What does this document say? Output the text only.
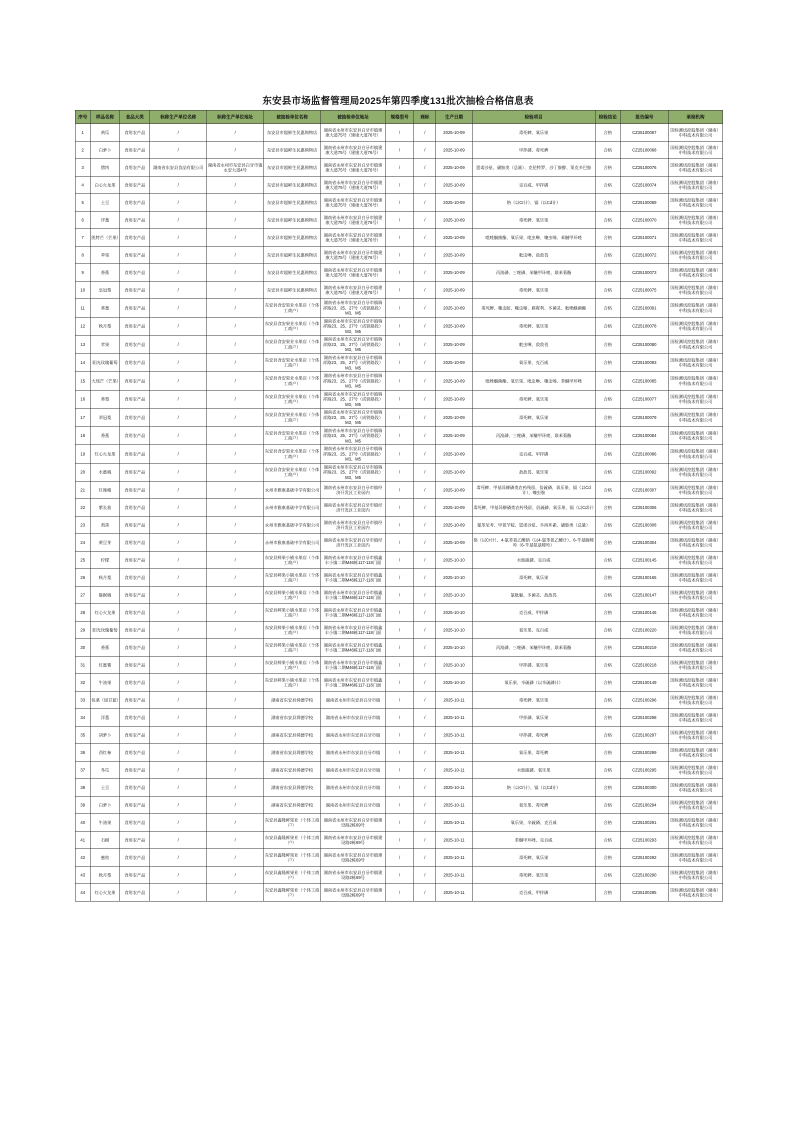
东安县市场监督管理局2025年第四季度131批次抽检合格信息表
序号	样品名称	食品大类	标称生产单位名称	标称生产单位地址	被抽检单位名称	被抽检单位地址	规格型号	商标	生产日期	检验项目	检验结论	报告编号	承检机构
1	黄瓜	食用农产品	/	/	东安县市超鲜生民惠购物店	湖南省永州市东安县白牙市镇建康大道75号（建康大道76号）	/	/	2025-10-09	毒死蜱、氧乐果	合格	CZ25100067	国检测试控股集团（湖南）中科技术有限公司
2	白萝卜	食用农产品	/	/	东安县市超鲜生民惠购物店	湖南省永州市东安县白牙市镇建康大道75号（建康大道76号）	/	/	2025-10-09	甲拌磷、毒死蜱	合格	CZ25100068	国检测试控股集团（湖南）中科技术有限公司
3	猪肉	食用农产品	湖南省东安县食品有限公司	湖南省永州市东安县白牙市镇永安大道4号	东安县市超鲜生民惠购物店	湖南省永州市东安县白牙市镇建康大道75号（建康大道76号）	/	/	2025-10-09	恩诺沙星、磺胺类（总量）、克伦特罗、沙丁胺醇、莱克多巴胺	合格	CZ25100076	国检测试控股集团（湖南）中科技术有限公司
4	白心火龙果	食用农产品	/	/	东安县市超鲜生民惠购物店	湖南省永州市东安县白牙市镇建康大道75号（建康大道76号）	/	/	2025-10-09	克百威、甲拌磷	合格	CZ25100074	国检测试控股集团（湖南）中科技术有限公司
5	土豆	食用农产品	/	/	东安县市超鲜生民惠购物店	湖南省永州市东安县白牙市镇建康大道75号（建康大道76号）	/	/	2025-10-09	铬（以Cr计）、镉（以Cd计）	合格	CZ25100069	国检测试控股集团（湖南）中科技术有限公司
6	洋葱	食用农产品	/	/	东安县市超鲜生民惠购物店	湖南省永州市东安县白牙市镇建康大道75号（建康大道76号）	/	/	2025-10-09	毒死蜱、氧乐果	合格	CZ25100070	国检测试控股集团（湖南）中科技术有限公司
7	凯特芒（芒果）	食用农产品	/	/	东安县市超鲜生民惠购物店	湖南省永州市东安县白牙市镇建康大道75号（建康大道76号）	/	/	2025-10-09	吡唑醚菌酯、氧乐果、吡虫啉、噻虫嗪、苯醚甲环唑	合格	CZ25100071	国检测试控股集团（湖南）中科技术有限公司
8	苹果	食用农产品	/	/	东安县市超鲜生民惠购物店	湖南省永州市东安县白牙市镇建康大道75号（建康大道76号）	/	/	2025-10-09	吡虫啉、敌敌畏	合格	CZ25100072	国检测试控股集团（湖南）中科技术有限公司
9	香蕉	食用农产品	/	/	东安县市超鲜生民惠购物店	湖南省永州市东安县白牙市镇建康大道75号（建康大道76号）	/	/	2025-10-09	丙溴磷、三唑磷、苯醚甲环唑、联苯菊酯	合格	CZ25100073	国检测试控股集团（湖南）中科技术有限公司
10	皇冠梨	食用农产品	/	/	东安县市超鲜生民惠购物店	湖南省永州市东安县白牙市镇建康大道75号（建康大道76号）	/	/	2025-10-09	毒死蜱、氧乐果	合格	CZ25100075	国检测试控股集团（湖南）中科技术有限公司
11	香葱	食用农产品	/	/	东安县食安果业水果店（个体工商户）	湖南省永州市东安县白牙市镇瑞祥路23、25、27号（成铁路段）M3、M5	/	/	2025-10-09	毒死蜱、噻虫胺、噻虫嗪、腐霉利、多菌灵、吡唑醚菌酯	合格	CZ25100091	国检测试控股集团（湖南）中科技术有限公司
12	秋月梨	食用农产品	/	/	东安县食安果业水果店（个体工商户）	湖南省永州市东安县白牙市镇瑞祥路23、25、27号（成铁路段）M3、M5	/	/	2025-10-09	毒死蜱、氧乐果	合格	CZ25100078	国检测试控股集团（湖南）中科技术有限公司
13	苹果	食用农产品	/	/	东安县食安果业水果店（个体工商户）	湖南省永州市东安县白牙市镇瑞祥路23、25、27号（成铁路段）M3、M5	/	/	2025-10-09	吡虫啉、敌敌畏	合格	CZ25100080	国检测试控股集团（湖南）中科技术有限公司
14	阳光玫瑰葡萄	食用农产品	/	/	东安县食安果业水果店（个体工商户）	湖南省永州市东安县白牙市镇瑞祥路23、25、27号（成铁路段）M3、M5	/	/	2025-10-09	氧乐果、克百威	合格	CZ25100093	国检测试控股集团（湖南）中科技术有限公司
15	大瑶芒（芒果）	食用农产品	/	/	东安县食安果业水果店（个体工商户）	湖南省永州市东安县白牙市镇瑞祥路23、25、27号（成铁路段）M3、M5	/	/	2025-10-09	吡唑醚菌酯、氧乐果、吡虫啉、噻虫嗪、苯醚甲环唑	合格	CZ25100085	国检测试控股集团（湖南）中科技术有限公司
16	香梨	食用农产品	/	/	东安县食安果业水果店（个体工商户）	湖南省永州市东安县白牙市镇瑞祥路23、25、27号（成铁路段）M3、M5	/	/	2025-10-09	毒死蜱、氧乐果	合格	CZ25100077	国检测试控股集团（湖南）中科技术有限公司
17	翠冠梨	食用农产品	/	/	东安县食安果业水果店（个体工商户）	湖南省永州市东安县白牙市镇瑞祥路23、25、27号（成铁路段）M3、M5	/	/	2025-10-09	毒死蜱、氧乐果	合格	CZ25100079	国检测试控股集团（湖南）中科技术有限公司
18	香蕉	食用农产品	/	/	东安县食安果业水果店（个体工商户）	湖南省永州市东安县白牙市镇瑞祥路23、25、27号（成铁路段）M3、M5	/	/	2025-10-09	丙溴磷、三唑磷、苯醚甲环唑、联苯菊酯	合格	CZ25100084	国检测试控股集团（湖南）中科技术有限公司
19	红心火龙果	食用农产品	/	/	东安县食安果业水果店（个体工商户）	湖南省永州市东安县白牙市镇瑞祥路23、25、27号（成铁路段）M3、M5	/	/	2025-10-09	克百威、甲拌磷	合格	CZ25100086	国检测试控股集团（湖南）中科技术有限公司
20	水蜜桃	食用农产品	/	/	东安县食安果业水果店（个体工商户）	湖南省永州市东安县白牙市镇瑞祥路23、25、27号（成铁路段）M3、M5	/	/	2025-10-09	敌敌畏、氧乐果	合格	CZ25100092	国检测试控股集团（湖南）中科技术有限公司
21	红辣椒	食用农产品	/	/	永州市雅康基础中学有限公司	湖南省永州市东安县白牙市镇经济开发区工业园内	/	/	2025-10-09	毒死蜱、甲基异柳磷类农药残留、倍硫磷、氧乐果、镉（以Cd计）、噻虫胺	合格	CZ25100307	国检测试控股集团（湖南）中科技术有限公司
22	紫长茄	食用农产品	/	/	永州市雅康基础中学有限公司	湖南省永州市东安县白牙市镇经济开发区工业园内	/	/	2025-10-09	毒死蜱、甲基异柳磷类农药残留、倍硫磷、氧乐果、镉（以Cd计）	合格	CZ25100306	国检测试控股集团（湖南）中科技术有限公司
23	鸡蛋	食用农产品	/	/	永州市雅康基础中学有限公司	湖南省永州市东安县白牙市镇经济开发区工业园内	/	/	2025-10-09	氟苯尼考、甲氧苄啶、恩诺沙星、多西环素、磺胺类（总量）	合格	CZ25100308	国检测试控股集团（湖南）中科技术有限公司
24	黄豆芽	食用农产品	/	/	永州市雅康基础中学有限公司	湖南省永州市东安县白牙市镇经济开发区工业园内	/	/	2025-10-09	铬（以Cr计）、4-氯苯氧乙酸钠（以4-氯苯氧乙酸计）、6-苄基腺嘌呤（6-苄基氨基嘌呤）	合格	CZ25100304	国检测试控股集团（湖南）中科技术有限公司
25	柠檬	食用农产品	/	/	东安县鲜果小铺水果店（个体工商户）	湖南省永州市东安县白牙市镇鑫丰小镇二期M46栋117-118门面	/	/	2025-10-10	水胺硫磷、克百威	合格	CZ25100145	国检测试控股集团（湖南）中科技术有限公司
26	秋月梨	食用农产品	/	/	东安县鲜果小铺水果店（个体工商户）	湖南省永州市东安县白牙市镇鑫丰小镇二期M46栋117-118门面	/	/	2025-10-10	毒死蜱、氧乐果	合格	CZ25100165	国检测试控股集团（湖南）中科技术有限公司
27	猕猴桃	食用农产品	/	/	东安县鲜果小铺水果店（个体工商户）	湖南省永州市东安县白牙市镇鑫丰小镇二期M46栋117-118门面	/	/	2025-10-10	氯吡脲、多菌灵、敌敌畏	合格	CZ25100147	国检测试控股集团（湖南）中科技术有限公司
28	红心火龙果	食用农产品	/	/	东安县鲜果小铺水果店（个体工商户）	湖南省永州市东安县白牙市镇鑫丰小镇二期M46栋117-118门面	/	/	2025-10-10	克百威、甲拌磷	合格	CZ25100146	国检测试控股集团（湖南）中科技术有限公司
29	阳光玫瑰葡萄	食用农产品	/	/	东安县鲜果小铺水果店（个体工商户）	湖南省永州市东安县白牙市镇鑫丰小镇二期M46栋117-118门面	/	/	2025-10-10	氧乐果、克百威	合格	CZ25100220	国检测试控股集团（湖南）中科技术有限公司
30	香蕉	食用农产品	/	/	东安县鲜果小铺水果店（个体工商户）	湖南省永州市东安县白牙市镇鑫丰小镇二期M46栋117-118门面	/	/	2025-10-10	丙溴磷、三唑磷、苯醚甲环唑、联苯菊酯	合格	CZ25100219	国检测试控股集团（湖南）中科技术有限公司
31	红蜜薯	食用农产品	/	/	东安县鲜果小铺水果店（个体工商户）	湖南省永州市东安县白牙市镇鑫丰小镇二期M46栋117-118门面	/	/	2025-10-10	甲拌磷、氧乐果	合格	CZ25100218	国检测试控股集团（湖南）中科技术有限公司
32	牛油果	食用农产品	/	/	东安县鲜果小铺水果店（个体工商户）	湖南省永州市东安县白牙市镇鑫丰小镇二期M46栋117-118门面	/	/	2025-10-10	氧乐果、辛硫磷（以辛硫磷计）	合格	CZ25100149	国检测试控股集团（湖南）中科技术有限公司
33	包菜（绿甘蓝）	食用农产品	/	/	湖南省东安县舜德学校	湖南省永州市东安县白牙市镇	/	/	2025-10-11	毒死蜱、氧乐果	合格	CZ25100296	国检测试控股集团（湖南）中科技术有限公司
34	洋葱	食用农产品	/	/	湖南省东安县舜德学校	湖南省永州市东安县白牙市镇	/	/	2025-10-11	甲拌磷、氧乐果	合格	CZ25100298	国检测试控股集团（湖南）中科技术有限公司
35	胡萝卜	食用农产品	/	/	湖南省东安县舜德学校	湖南省永州市东安县白牙市镇	/	/	2025-10-11	甲拌磷、毒死蜱	合格	CZ25100297	国检测试控股集团（湖南）中科技术有限公司
36	西红柿	食用农产品	/	/	湖南省东安县舜德学校	湖南省永州市东安县白牙市镇	/	/	2025-10-11	氧乐果、毒死蜱	合格	CZ25100299	国检测试控股集团（湖南）中科技术有限公司
37	冬瓜	食用农产品	/	/	湖南省东安县舜德学校	湖南省永州市东安县白牙市镇	/	/	2025-10-11	水胺硫磷、氧乐果	合格	CZ25100295	国检测试控股集团（湖南）中科技术有限公司
38	土豆	食用农产品	/	/	湖南省东安县舜德学校	湖南省永州市东安县白牙市镇	/	/	2025-10-11	铬（以Cr计）、镉（以Cd计）	合格	CZ25100300	国检测试控股集团（湖南）中科技术有限公司
39	白萝卜	食用农产品	/	/	湖南省东安县舜德学校	湖南省永州市东安县白牙市镇	/	/	2025-10-11	氧乐果、毒死蜱	合格	CZ25100294	国检测试控股集团（湖南）中科技术有限公司
40	牛油果	食用农产品	/	/	东安县鑫隆鲜果业（个体工商户）	湖南省永州市东安县白牙市镇建设路2栋69号	/	/	2025-10-11	氧乐果、辛硫磷、克百威	合格	CZ25100291	国检测试控股集团（湖南）中科技术有限公司
41	石榴	食用农产品	/	/	东安县鑫隆鲜果业（个体工商户）	湖南省永州市东安县白牙市镇建设路2栋69号	/	/	2025-10-11	苯醚甲环唑、克百威	合格	CZ25100293	国检测试控股集团（湖南）中科技术有限公司
42	蜜桔	食用农产品	/	/	东安县鑫隆鲜果业（个体工商户）	湖南省永州市东安县白牙市镇建设路2栋69号	/	/	2025-10-11	毒死蜱、氧乐果	合格	CZ25100292	国检测试控股集团（湖南）中科技术有限公司
43	秋月梨	食用农产品	/	/	东安县鑫隆鲜果业（个体工商户）	湖南省永州市东安县白牙市镇建设路2栋69号	/	/	2025-10-11	毒死蜱、氧乐果	合格	CZ25100290	国检测试控股集团（湖南）中科技术有限公司
44	红心火龙果	食用农产品	/	/	东安县鑫隆鲜果业（个体工商户）	湖南省永州市东安县白牙市镇建设路2栋69号	/	/	2025-10-11	克百威、甲拌磷	合格	CZ25100285	国检测试控股集团（湖南）中科技术有限公司
